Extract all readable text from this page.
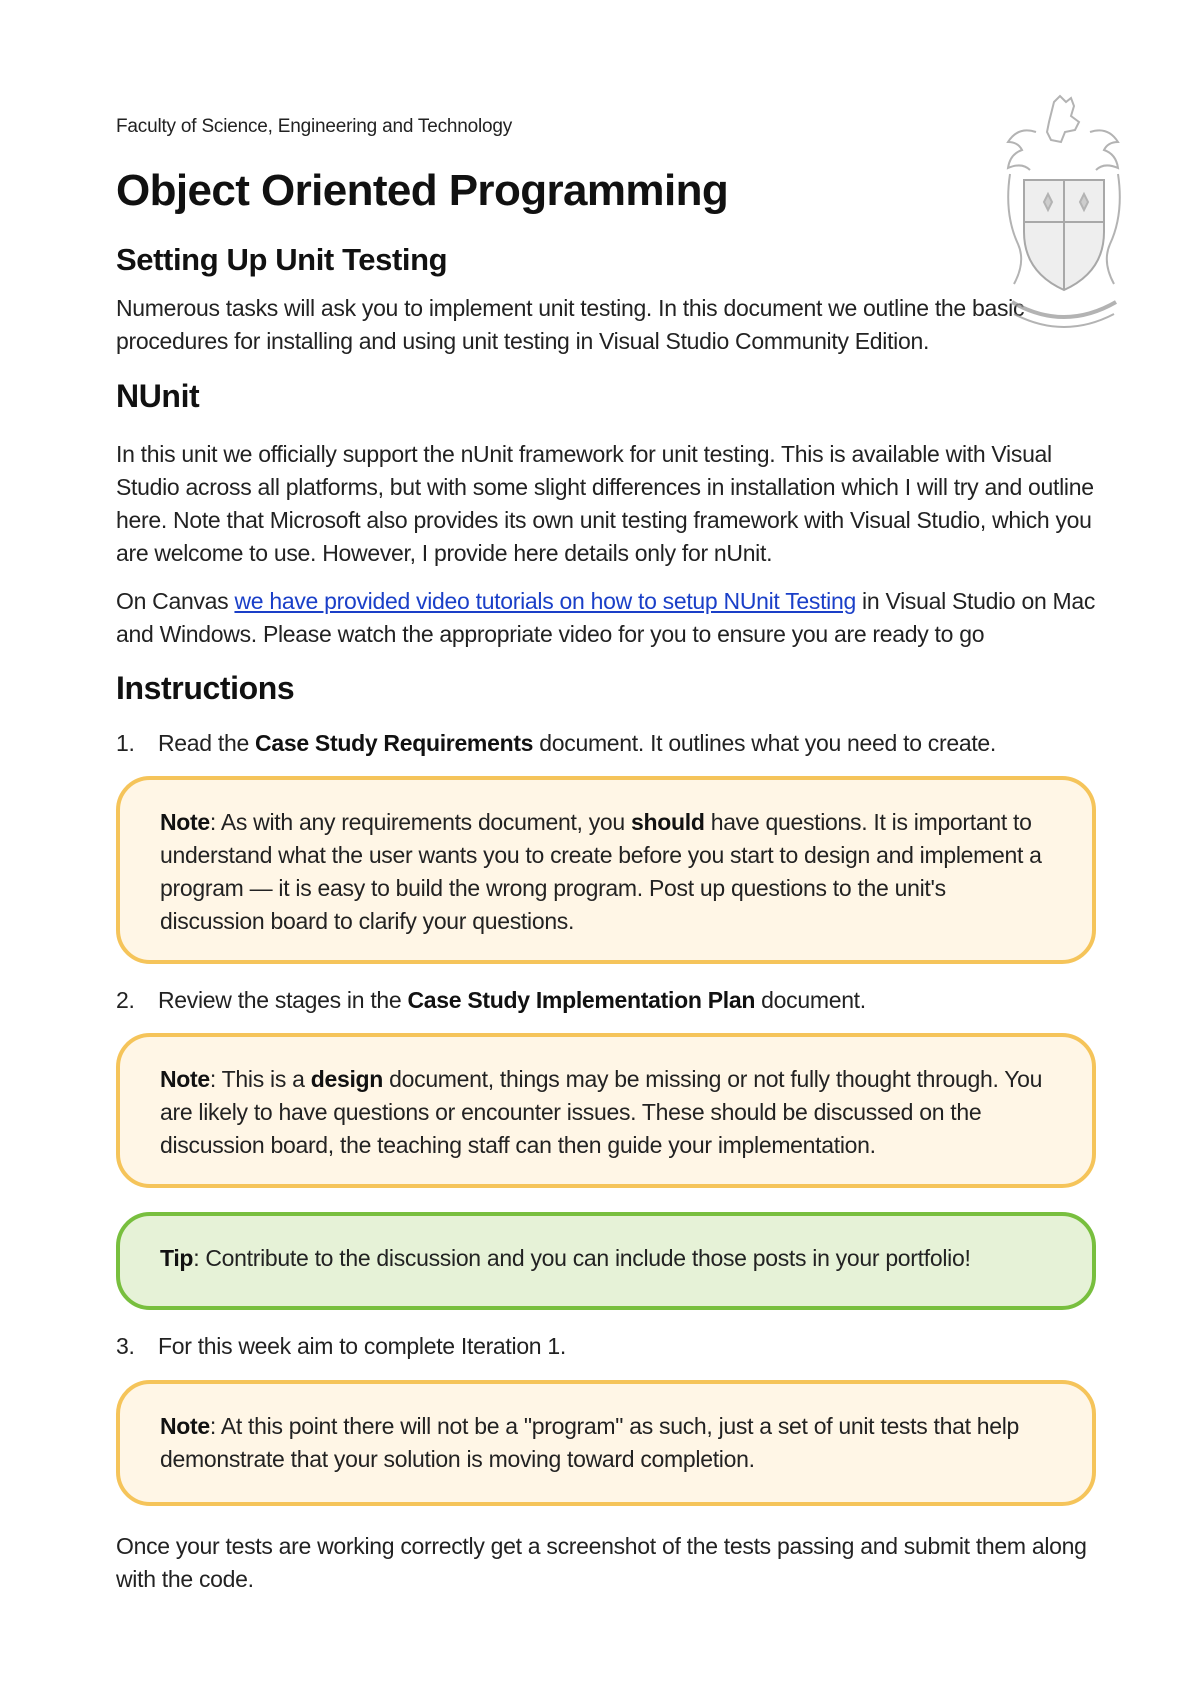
Faculty of Science, Engineering and Technology
Object Oriented Programming
Setting Up Unit Testing

Numerous tasks will ask you to implement unit testing. In this document we outline the basic procedures for installing and using unit testing in Visual Studio Community Edition.

NUnit

In this unit we officially support the nUnit framework for unit testing. This is available with Visual Studio across all platforms, but with some slight differences in installation which I will try and outline here. Note that Microsoft also provides its own unit testing framework with Visual Studio, which you are welcome to use. However, I provide here details only for nUnit.

On Canvas we have provided video tutorials on how to setup NUnit Testing in Visual Studio on Mac and Windows. Please watch the appropriate video for you to ensure you are ready to go

Instructions
1. Read the Case Study Requirements document. It outlines what you need to create.
Note: As with any requirements document, you should have questions. It is important to understand what the user wants you to create before you start to design and implement a program — it is easy to build the wrong program. Post up questions to the unit's discussion board to clarify your questions.
2. Review the stages in the Case Study Implementation Plan document.
Note: This is a design document, things may be missing or not fully thought through. You are likely to have questions or encounter issues. These should be discussed on the discussion board, the teaching staff can then guide your implementation.
Tip: Contribute to the discussion and you can include those posts in your portfolio!
3. For this week aim to complete Iteration 1.
Note: At this point there will not be a "program" as such, just a set of unit tests that help demonstrate that your solution is moving toward completion.

Once your tests are working correctly get a screenshot of the tests passing and submit them along with the code.
